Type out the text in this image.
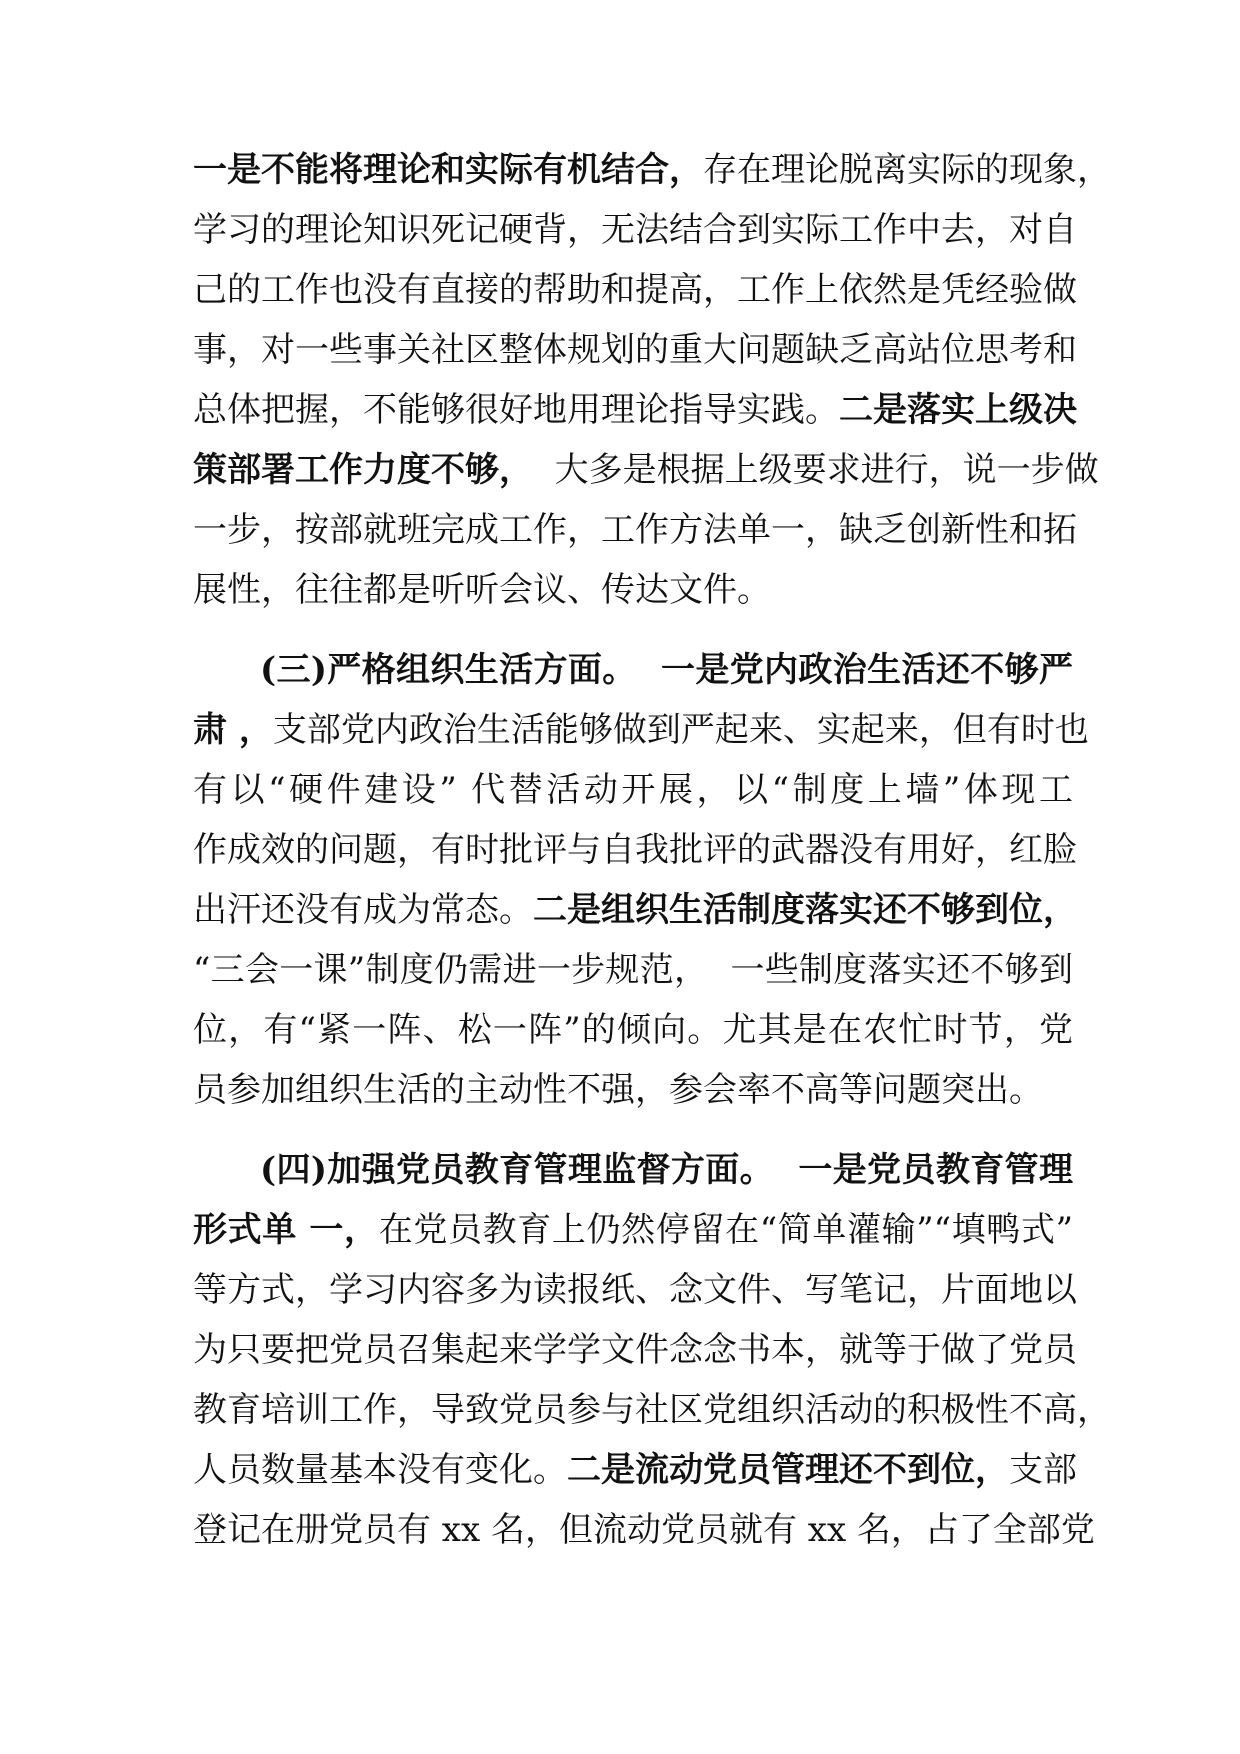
一是不能将理论和实际有机结合，存在理论脱离实际的现象，
学习的理论知识死记硬背，无法结合到实际工作中去，对自
己的工作也没有直接的帮助和提高，工作上依然是凭经验做
事，对一些事关社区整体规划的重大问题缺乏高站位思考和
总体把握，不能够很好地用理论指导实践。二是落实上级决
策部署工作力度不够，  大多是根据上级要求进行，说一步做
一步，按部就班完成工作，工作方法单一，缺乏创新性和拓
展性，往往都是听听会议、传达文件。
(三)严格组织生活方面。  一是党内政治生活还不够严
肃 ，支部党内政治生活能够做到严起来、实起来，但有时也
有以“硬件建设” 代替活动开展，以“制度上墙”体现工
作成效的问题，有时批评与自我批评的武器没有用好，红脸
出汗还没有成为常态。二是组织生活制度落实还不够到位，
“三会一课”制度仍需进一步规范，  一些制度落实还不够到
位，有“紧一阵、松一阵”的倾向。尤其是在农忙时节，党
员参加组织生活的主动性不强，参会率不高等问题突出。
(四)加强党员教育管理监督方面。  一是党员教育管理
形式单 一，在党员教育上仍然停留在“简单灌输”“填鸭式”
等方式，学习内容多为读报纸、念文件、写笔记，片面地以
为只要把党员召集起来学学文件念念书本，就等于做了党员
教育培训工作，导致党员参与社区党组织活动的积极性不高，
人员数量基本没有变化。二是流动党员管理还不到位，支部
登记在册党员有 xx 名，但流动党员就有 xx 名，占了全部党
